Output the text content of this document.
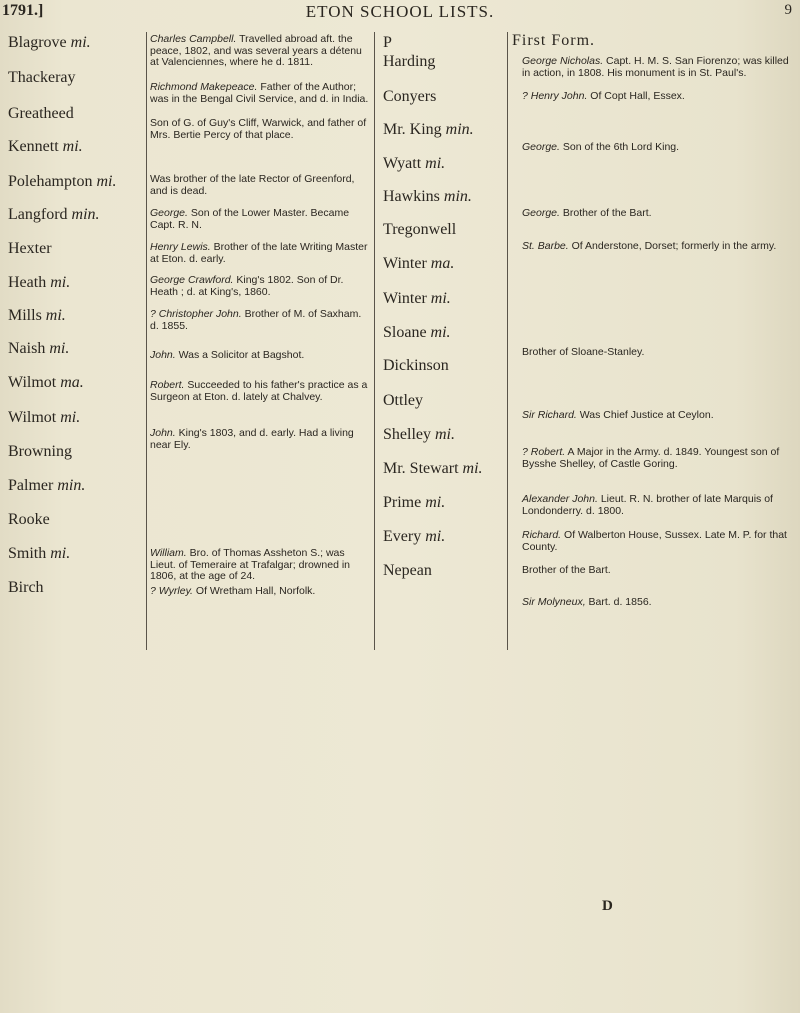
1791.]	ETON SCHOOL LISTS.	9
Blagrove mi.
Thackeray
Greatheed
Kennett mi.
Polehampton mi.
Langford min.
Hexter
Heath mi.
Mills mi.
Naish mi.
Wilmot ma.
Wilmot mi.
Browning
Palmer min.
Rooke
Smith mi.
Birch
Charles Campbell. Travelled abroad aft. the peace, 1802, and was several years a détenu at Valenciennes, where he d. 1811.
Richmond Makepeace. Father of the Author; was in the Bengal Civil Service, and d. in India.
Son of G. of Guy's Cliff, Warwick, and father of Mrs. Bertie Percy of that place.
Was brother of the late Rector of Greenford, and is dead.
George. Son of the Lower Master. Became Capt. R. N.
Henry Lewis. Brother of the late Writing Master at Eton. d. early.
George Crawford. King's 1802. Son of Dr. Heath ; d. at King's, 1860.
? Christopher John. Brother of M. of Saxham. d. 1855.
John. Was a Solicitor at Bagshot.
Robert. Succeeded to his father's practice as a Surgeon at Eton. d. lately at Chalvey.
John. King's 1803, and d. early. Had a living near Ely.
William. Bro. of Thomas Assheton S.; was Lieut. of Temeraire at Trafalgar; drowned in 1806, at the age of 24.
? Wyrley. Of Wretham Hall, Norfolk.
P
Harding
Conyers
Mr. King min.
Wyatt mi.
Hawkins min.
Tregonwell
Winter ma.
Winter mi.
Sloane mi.
Dickinson
Ottley
Shelley mi.
Mr. Stewart mi.
Prime mi.
Every mi.
Nepean
First Form.
George Nicholas. Capt. H. M. S. San Fiorenzo; was killed in action, in 1808. His monument is in St. Paul's.
? Henry John. Of Copt Hall, Essex.
George. Son of the 6th Lord King.
George. Brother of the Bart.
St. Barbe. Of Anderstone, Dorset; formerly in the army.
Brother of Sloane-Stanley.
Sir Richard. Was Chief Justice at Ceylon.
? Robert. A Major in the Army. d. 1849. Youngest son of Bysshe Shelley, of Castle Goring.
Alexander John. Lieut. R. N. brother of late Marquis of Londonderry. d. 1800.
Richard. Of Walberton House, Sussex. Late M. P. for that County.
Brother of the Bart.
Sir Molyneux, Bart. d. 1856.
D
